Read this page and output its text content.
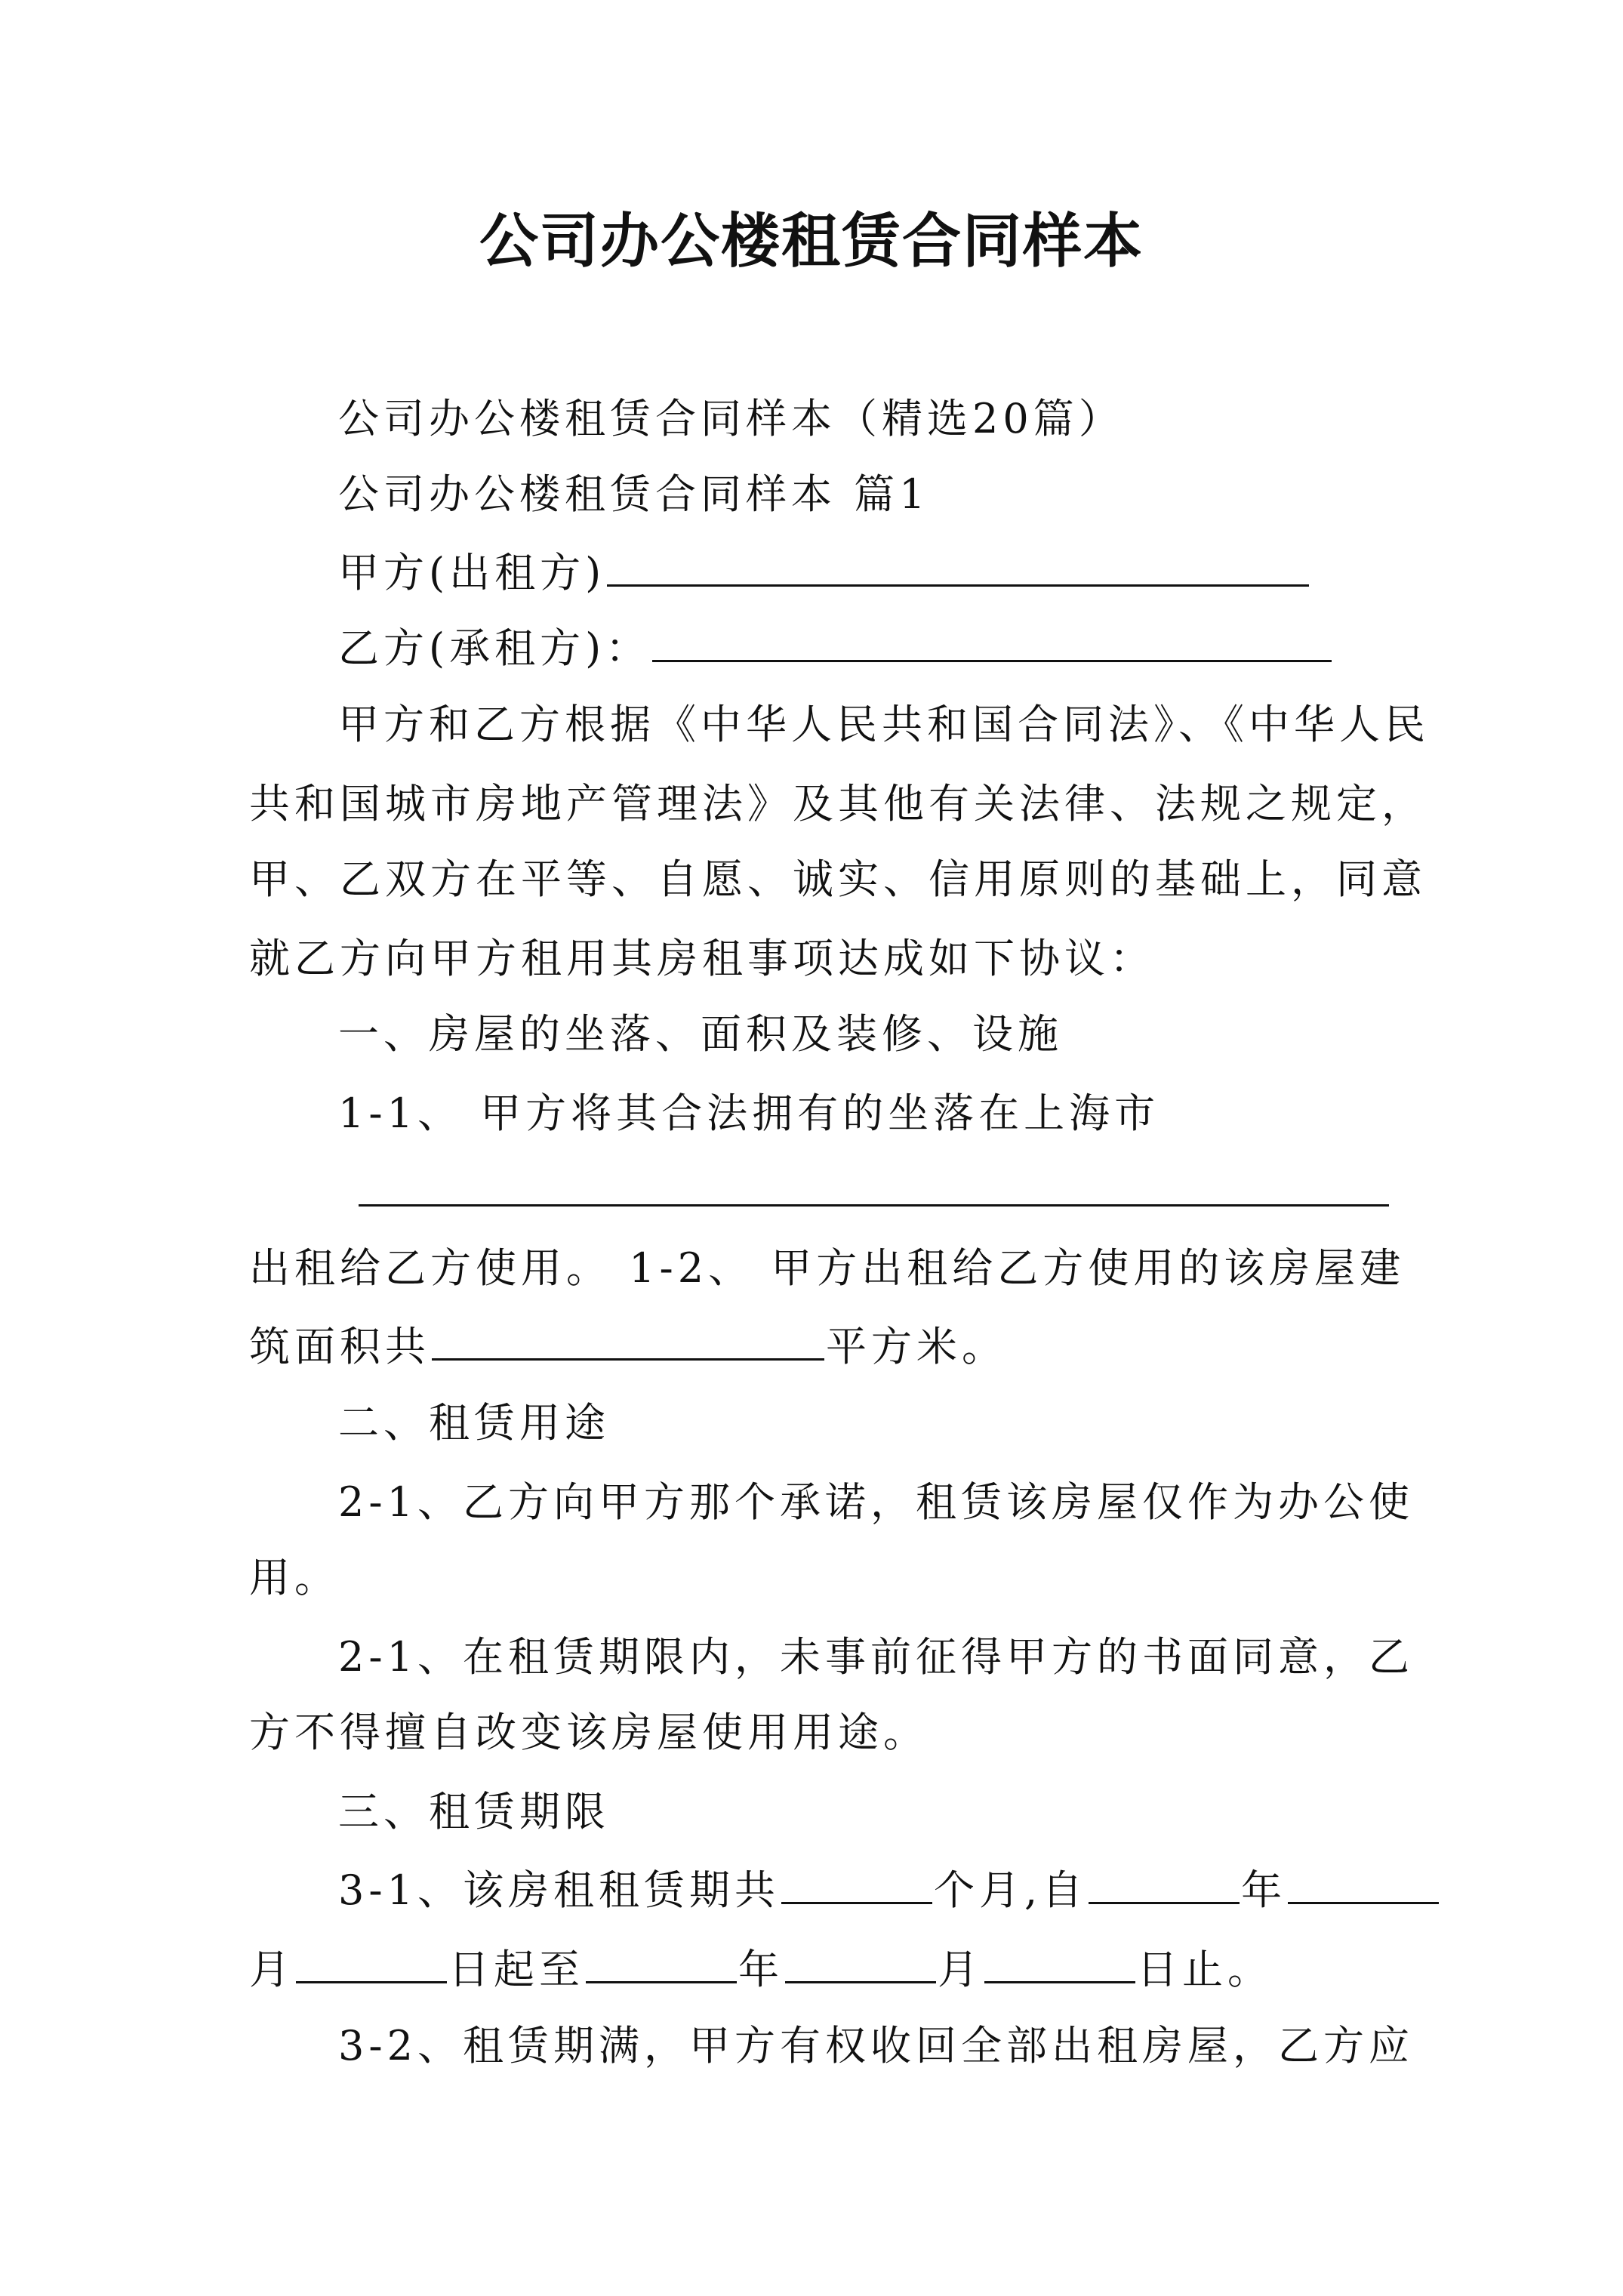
公司办公楼租赁合同样本
公司办公楼租赁合同样本（精选20篇）
公司办公楼租赁合同样本 篇1
甲方(出租方)
乙方(承租方)：
甲方和乙方根据《中华人民共和国合同法》、《中华人民
共和国城市房地产管理法》及其他有关法律、法规之规定，
甲、乙双方在平等、自愿、诚实、信用原则的基础上，同意
就乙方向甲方租用其房租事项达成如下协议：
一、房屋的坐落、面积及装修、设施
1-1、 甲方将其合法拥有的坐落在上海市
出租给乙方使用。 1-2、 甲方出租给乙方使用的该房屋建
筑面积共	平方米。
二、租赁用途
2-1、乙方向甲方那个承诺，租赁该房屋仅作为办公使
用。
2-1、在租赁期限内，未事前征得甲方的书面同意，乙
方不得擅自改变该房屋使用用途。
三、租赁期限
3-1、该房租租赁期共	个月,自	年
月	日起至	年	月	日止。
3-2、租赁期满，甲方有权收回全部出租房屋，乙方应
